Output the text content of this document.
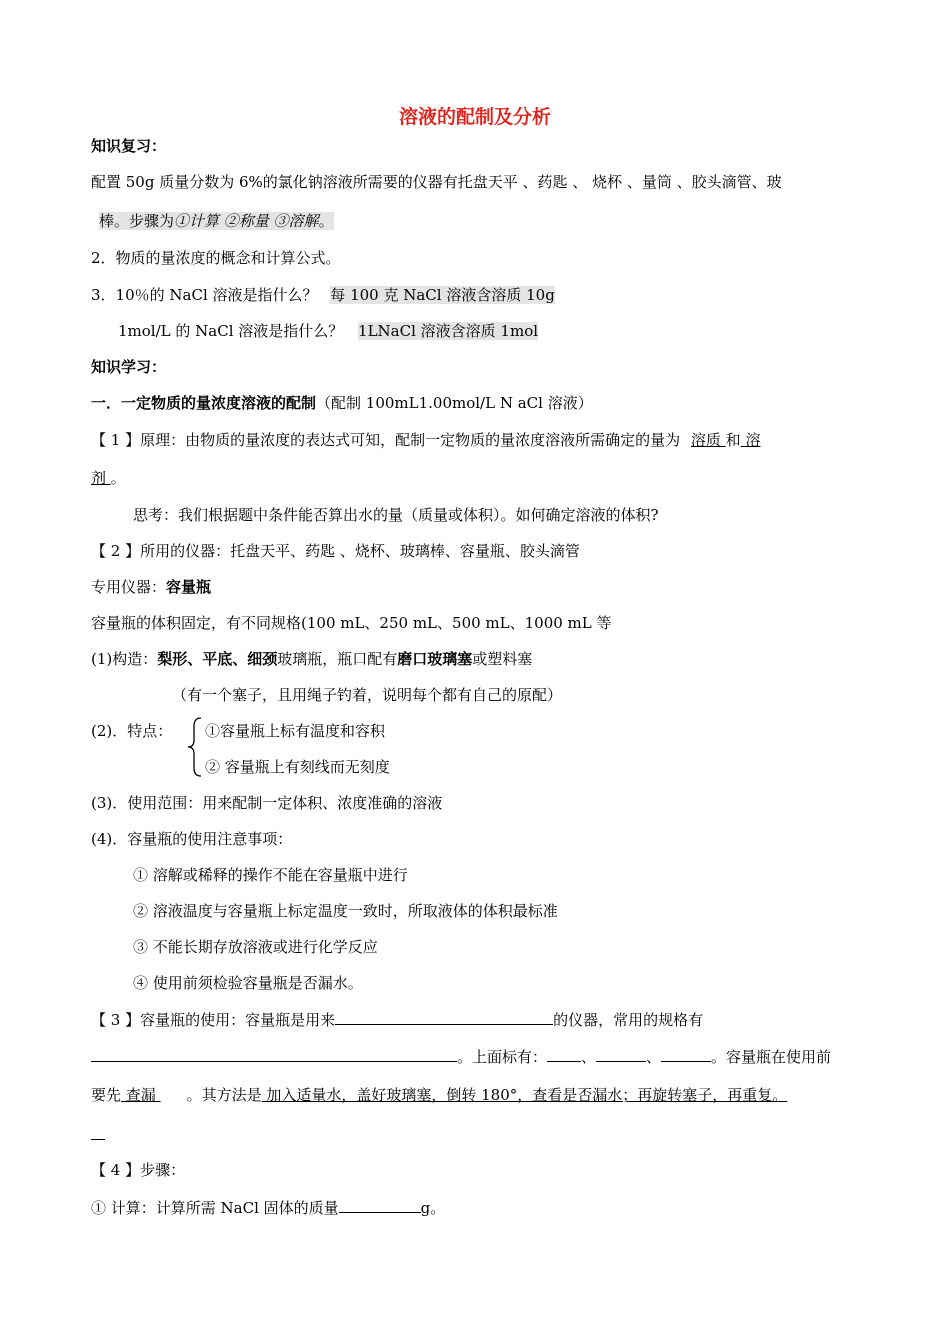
溶液的配制及分析
知识复习：
配置 50g 质量分数为 6%的氯化钠溶液所需要的仪器有托盘天平 、药匙 、 烧杯 、量筒 、胶头滴管、玻
棒。步骤为①计算 ②称量 ③溶解。
2．物质的量浓度的概念和计算公式。
3．10％的 NaCl 溶液是指什么？ 每 100 克 NaCl 溶液含溶质 10g
1mol/L 的 NaCl 溶液是指什么？ 1LNaCl 溶液含溶质 1mol
知识学习：
一．一定物质的量浓度溶液的配制（配制 100mL1.00mol/L N aCl 溶液）
【 1 】原理：由物质的量浓度的表达式可知，配制一定物质的量浓度溶液所需确定的量为 溶质 和 溶
剂 。
思考：我们根据题中条件能否算出水的量（质量或体积）。如何确定溶液的体积?
【 2 】所用的仪器：托盘天平、药匙 、烧杯、玻璃棒、容量瓶、胶头滴管
专用仪器：容量瓶
容量瓶的体积固定，有不同规格(100 mL、250 mL、500 mL、1000 mL 等
(1)构造：梨形、平底、细颈玻璃瓶，瓶口配有磨口玻璃塞或塑料塞
（有一个塞子，且用绳子钓着，说明每个都有自己的原配）
(2)．特点： ①容量瓶上标有温度和容积
② 容量瓶上有刻线而无刻度
(3)．使用范围：用来配制一定体积、浓度准确的溶液
(4)．容量瓶的使用注意事项：
① 溶解或稀释的操作不能在容量瓶中进行
② 溶液温度与容量瓶上标定温度一致时，所取液体的体积最标准
③ 不能长期存放溶液或进行化学反应
④ 使用前须检验容量瓶是否漏水。
【 3 】容量瓶的使用：容量瓶是用来	的仪器，常用的规格有
。上面标有： 、	、	。容量瓶在使用前
要先 查漏 。其方法是 加入适量水，盖好玻璃塞，倒转 180°，查看是否漏水；再旋转塞子，再重复。
【 4 】步骤：
① 计算：计算所需 NaCl 固体的质量	g。
